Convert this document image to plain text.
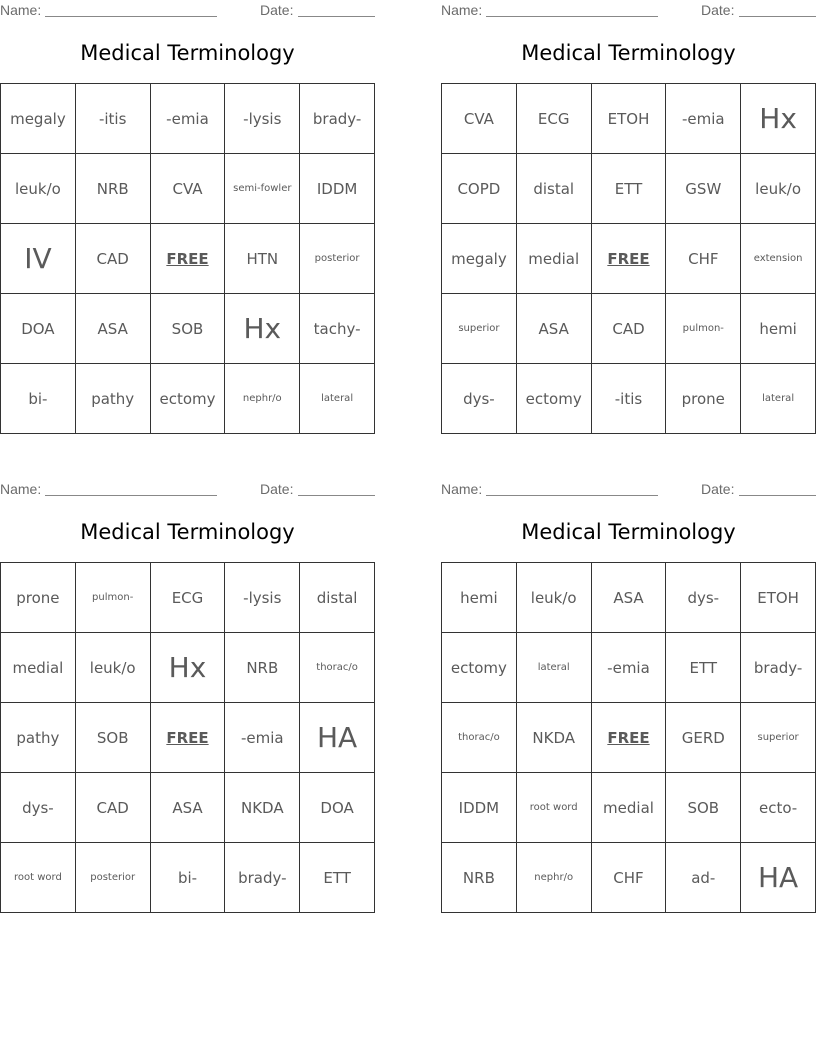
Name:	Date:
Medical Terminology
megaly	-itis	-emia	-lysis	brady-
leuk/o	NRB	CVA	semi-fowler	IDDM
IV	CAD	FREE	HTN	posterior
DOA	ASA	SOB	Hx	tachy-
bi-	pathy	ectomy	nephr/o	lateral
Name:	Date:
Medical Terminology
CVA	ECG	ETOH	-emia	Hx
COPD	distal	ETT	GSW	leuk/o
megaly	medial	FREE	CHF	extension
superior	ASA	CAD	pulmon-	hemi
dys-	ectomy	-itis	prone	lateral
Name:	Date:
Medical Terminology
prone	pulmon-	ECG	-lysis	distal
medial	leuk/o	Hx	NRB	thorac/o
pathy	SOB	FREE	-emia	HA
dys-	CAD	ASA	NKDA	DOA
root word	posterior	bi-	brady-	ETT
Name:	Date:
Medical Terminology
hemi	leuk/o	ASA	dys-	ETOH
ectomy	lateral	-emia	ETT	brady-
thorac/o	NKDA	FREE	GERD	superior
IDDM	root word	medial	SOB	ecto-
NRB	nephr/o	CHF	ad-	HA
